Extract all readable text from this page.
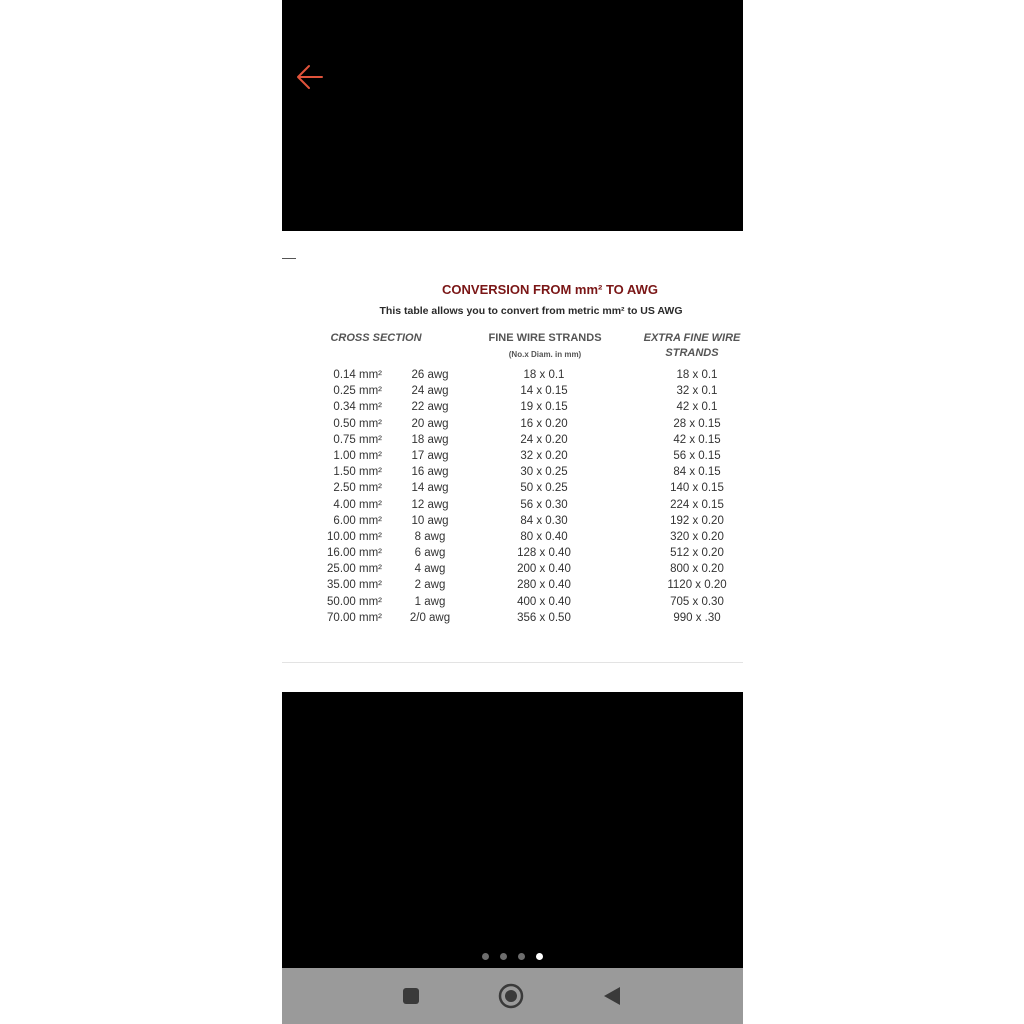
CONVERSION FROM mm² TO AWG
This table allows you to convert from metric mm² to US AWG
CROSS SECTION	FINE WIRE STRANDS
(No.x Diam. in mm)
EXTRA FINE WIRE
STRANDS
0.14 mm²	26 awg	18 x 0.1	18 x 0.1
0.25 mm²	24 awg	14 x 0.15	32 x 0.1
0.34 mm²	22 awg	19 x 0.15	42 x 0.1
0.50 mm²	20 awg	16 x 0.20	28 x 0.15
0.75 mm²	18 awg	24 x 0.20	42 x 0.15
1.00 mm²	17 awg	32 x 0.20	56 x 0.15
1.50 mm²	16 awg	30 x 0.25	84 x 0.15
2.50 mm²	14 awg	50 x 0.25	140 x 0.15
4.00 mm²	12 awg	56 x 0.30	224 x 0.15
6.00 mm²	10 awg	84 x 0.30	192 x 0.20
10.00 mm²	8 awg	80 x 0.40	320 x 0.20
16.00 mm²	6 awg	128 x 0.40	512 x 0.20
25.00 mm²	4 awg	200 x 0.40	800 x 0.20
35.00 mm²	2 awg	280 x 0.40	1120 x 0.20
50.00 mm²	1 awg	400 x 0.40	705 x 0.30
70.00 mm²	2/0 awg	356 x 0.50	990 x .30
